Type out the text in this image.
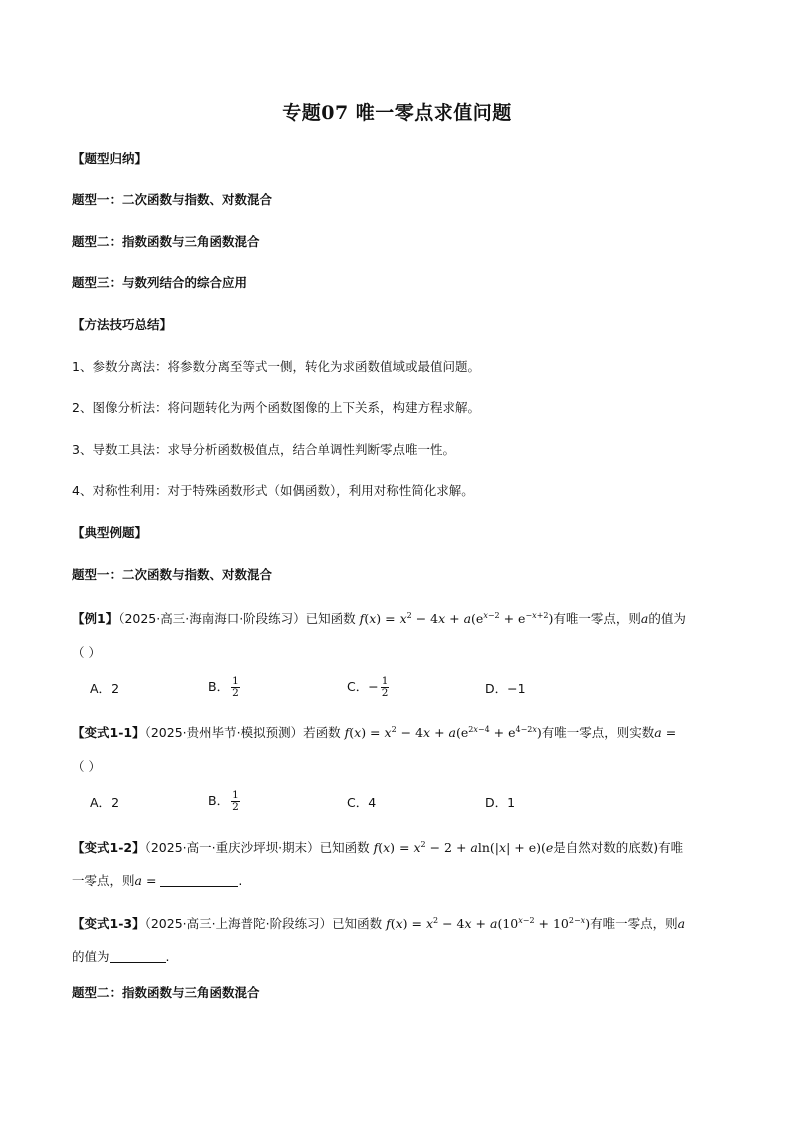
专题07 唯一零点求值问题
【题型归纳】
题型一：二次函数与指数、对数混合
题型二：指数函数与三角函数混合
题型三：与数列结合的综合应用
【方法技巧总结】
1、参数分离法：将参数分离至等式一侧，转化为求函数值域或最值问题。
2、图像分析法：将问题转化为两个函数图像的上下关系，构建方程求解。
3、导数工具法：求导分析函数极值点，结合单调性判断零点唯一性。
4、对称性利用：对于特殊函数形式（如偶函数），利用对称性简化求解。
【典型例题】
题型一：二次函数与指数、对数混合
【例1】（2025·高三·海南海口·阶段练习）已知函数 $f(x) = x^2 - 4x + a(e^{x-2} + e^{-x+2})$有唯一零点，则a的值为
（ ）
A．2	B． $\frac{1}{2}$	C．− $\frac{1}{2}$	D．−1
【变式1-1】（2025·贵州毕节·模拟预测）若函数 $f(x) = x^2 - 4x + a(e^{2x-4} + e^{4-2x})$有唯一零点，则实数a =
（ ）
A．2	B． $\frac{1}{2}$	C．4	D．1
【变式1-2】（2025·高一·重庆沙坪坝·期末）已知函数 $f(x) = x^2 - 2 + aln(|x| + e)(e$是自然对数的底数)有唯
一零点，则a =	.
【变式1-3】（2025·高三·上海普陀·阶段练习）已知函数 $f(x) = x^2 - 4x + a(10^{x-2} + 10^{2-x})$有唯一零点，则a
的值为	.
题型二：指数函数与三角函数混合
